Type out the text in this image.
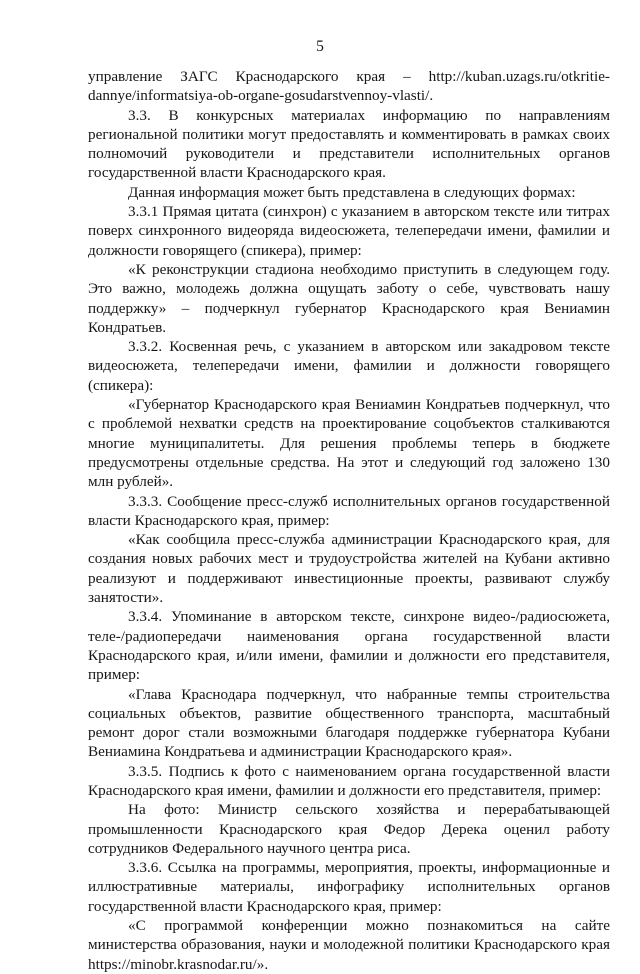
5

управление ЗАГС Краснодарского края – http://kuban.uzags.ru/otkritie-dannye/informatsiya-ob-organe-gosudarstvennoy-vlasti/.

3.3. В конкурсных материалах информацию по направлениям региональной политики могут предоставлять и комментировать в рамках своих полномочий руководители и представители исполнительных органов государственной власти Краснодарского края.

Данная информация может быть представлена в следующих формах:

3.3.1 Прямая цитата (синхрон) с указанием в авторском тексте или титрах поверх синхронного видеоряда видеосюжета, телепередачи имени, фамилии и должности говорящего (спикера), пример:

«К реконструкции стадиона необходимо приступить в следующем году. Это важно, молодежь должна ощущать заботу о себе, чувствовать нашу поддержку» – подчеркнул губернатор Краснодарского края Вениамин Кондратьев.

3.3.2. Косвенная речь, с указанием в авторском или закадровом тексте видеосюжета, телепередачи имени, фамилии и должности говорящего (спикера):

«Губернатор Краснодарского края Вениамин Кондратьев подчеркнул, что с проблемой нехватки средств на проектирование соцобъектов сталкиваются многие муниципалитеты. Для решения проблемы теперь в бюджете предусмотрены отдельные средства. На этот и следующий год заложено 130 млн рублей».

3.3.3. Сообщение пресс-служб исполнительных органов государственной власти Краснодарского края, пример:

«Как сообщила пресс-служба администрации Краснодарского края, для создания новых рабочих мест и трудоустройства жителей на Кубани активно реализуют и поддерживают инвестиционные проекты, развивают службу занятости».

3.3.4. Упоминание в авторском тексте, синхроне видео-/радиосюжета, теле-/радиопередачи наименования органа государственной власти Краснодарского края, и/или имени, фамилии и должности его представителя, пример:

«Глава Краснодара подчеркнул, что набранные темпы строительства социальных объектов, развитие общественного транспорта, масштабный ремонт дорог стали возможными благодаря поддержке губернатора Кубани Вениамина Кондратьева и администрации Краснодарского края».

3.3.5. Подпись к фото с наименованием органа государственной власти Краснодарского края имени, фамилии и должности его представителя, пример:

На фото: Министр сельского хозяйства и перерабатывающей промышленности Краснодарского края Федор Дерека оценил работу сотрудников Федерального научного центра риса.

3.3.6. Ссылка на программы, мероприятия, проекты, информационные и иллюстративные материалы, инфографику исполнительных органов государственной власти Краснодарского края, пример:

«С программой конференции можно познакомиться на сайте министерства образования, науки и молодежной политики Краснодарского края https://minobr.krasnodar.ru/».
